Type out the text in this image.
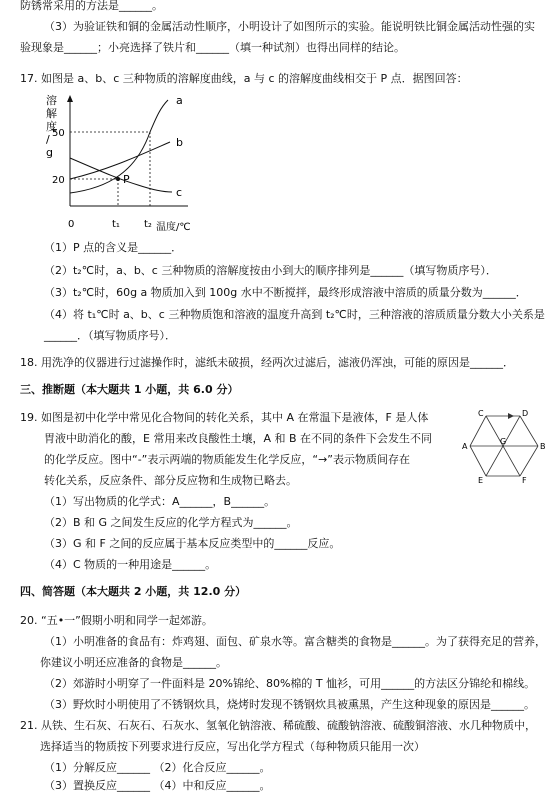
防锈常采用的方法是______。
（3）为验证铁和铜的金属活动性顺序，小明设计了如图所示的实验。能说明铁比铜金属活动性强的实
验现象是______；小亮选择了铁片和______（填一种试剂）也得出同样的结论。
17. 如图是 a、b、c 三种物质的溶解度曲线，a 与 c 的溶解度曲线相交于 P 点．据图回答：
溶解度/ g
a
b
c
P
50
20
0	t₁ t₂ 温度/℃
（1）P 点的含义是______．
（2）t₂℃时，a、b、c 三种物质的溶解度按由小到大的顺序排列是______（填写物质序号）．
（3）t₂℃时，60g a 物质加入到 100g 水中不断搅拌，最终形成溶液中溶质的质量分数为______．
（4）将 t₁℃时 a、b、c 三种物质饱和溶液的温度升高到 t₂℃时，三种溶液的溶质质量分数大小关系是
______．（填写物质序号）．
18. 用洗净的仪器进行过滤操作时，滤纸未破损，经两次过滤后，滤液仍浑浊，可能的原因是______．
三、推断题（本大题共 1 小题，共 6.0 分）
19. 如图是初中化学中常见化合物间的转化关系，其中 A 在常温下是液体，F 是人体
胃液中助消化的酸，E 常用来改良酸性土壤，A 和 B 在不同的条件下会发生不同
的化学反应。图中“-”表示两端的物质能发生化学反应，“→”表示物质间存在
转化关系，反应条件、部分反应物和生成物已略去。
C	D
A	B
G
E	F
（1）写出物质的化学式：A______，B______。
（2）B 和 G 之间发生反应的化学方程式为______。
（3）G 和 F 之间的反应属于基本反应类型中的______反应。
（4）C 物质的一种用途是______。
四、简答题（本大题共 2 小题，共 12.0 分）
20. “五•一”假期小明和同学一起郊游。
（1）小明准备的食品有：炸鸡翅、面包、矿泉水等。富含糖类的食物是______。为了获得充足的营养，
你建议小明还应准备的食物是______。
（2）郊游时小明穿了一件面料是 20%锦纶、80%棉的 T 恤衫，可用______的方法区分锦纶和棉线。
（3）野炊时小明使用了不锈钢炊具，烧烤时发现不锈钢炊具被熏黑，产生这种现象的原因是______。
21. 从铁、生石灰、石灰石、石灰水、氢氧化钠溶液、稀硫酸、硫酸钠溶液、硫酸铜溶液、水几种物质中，
选择适当的物质按下列要求进行反应，写出化学方程式（每种物质只能用一次）
（1）分解反应______ （2）化合反应______。
（3）置换反应______ （4）中和反应______。
